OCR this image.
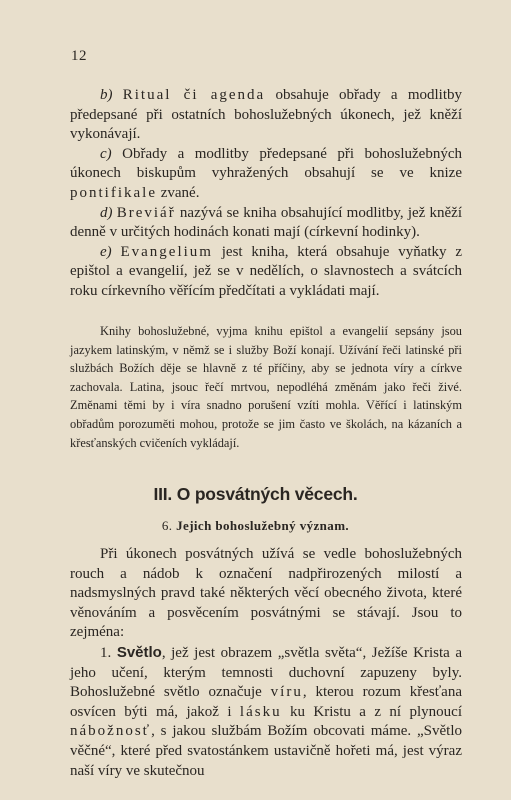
12

b) Ritual či agenda obsahuje obřady a modlitby předepsané při ostatních bohoslužebných úkonech, jež kněží vykonávají.

c) Obřady a modlitby předepsané při bohoslužebných úkonech biskupům vyhražených obsahují se ve knize pontifikale zvané.

d) Breviář nazývá se kniha obsahující modlitby, jež kněží denně v určitých hodinách konati mají (církevní hodinky).

e) Evangelium jest kniha, která obsahuje vyňatky z epištol a evangelií, jež se v nedělích, o slavnostech a svátcích roku církevního věřícím předčítati a vykládati mají.

Knihy bohoslužebné, vyjma knihu epištol a evangelií sepsány jsou jazykem latinským, v němž se i služby Boží konají. Užívání řeči latinské při službách Božích děje se hlavně z té příčiny, aby se jednota víry a církve zachovala. Latina, jsouc řečí mrtvou, nepodléhá změnám jako řeči živé. Změnami těmi by i víra snadno porušení vzíti mohla. Věřící i latinským obřadům porozuměti mohou, protože se jim často ve školách, na kázaních a křesťanských cvičeních vykládají.

III. O posvátných věcech.
6. Jejich bohoslužebný význam.

Při úkonech posvátných užívá se vedle bohoslužebných rouch a nádob k označení nadpřirozených milostí a nadsmyslných pravd také některých věcí obecného života, které věnováním a posvěcením posvátnými se stávají. Jsou to zejména:

1. Světlo, jež jest obrazem „světla světa“, Ježíše Krista a jeho učení, kterým temnosti duchovní zapuzeny byly. Bohoslužebné světlo označuje víru, kterou rozum křesťana osvícen býti má, jakož i lásku ku Kristu a z ní plynoucí nábožnosť, s jakou službám Božím obcovati máme. „Světlo věčné“, které před svatostánkem ustavičně hořeti má, jest výraz naší víry ve skutečnou
